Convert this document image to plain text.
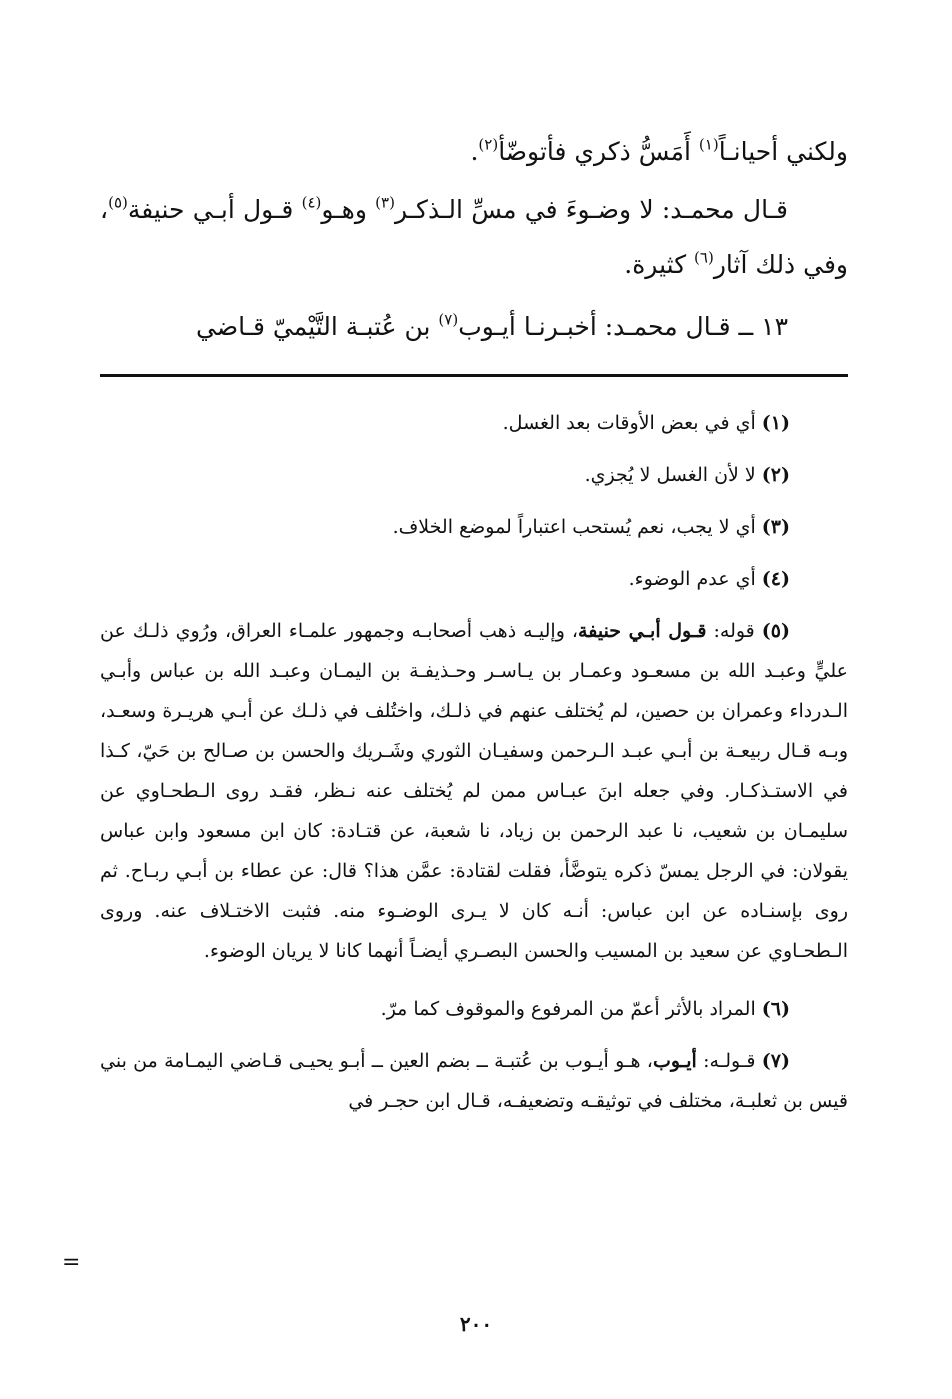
ولكني أحيانـاً$^{(١)}$ أَمَسُّ ذكري فأتوضّأ$^{(٢)}$.

قـال محمـد: لا وضـوءَ في مسِّ الـذكـر$^{(٣)}$ وهـو$^{(٤)}$ قـول أبـي حنيفة$^{(٥)}$، وفي ذلك آثار$^{(٦)}$ كثيرة.

١٣ ــ قـال محمـد: أخبـرنـا أيـوب$^{(٧)}$ بن عُتبـة التَّيْميّ قـاضي

(١) أي في بعض الأوقات بعد الغسل.

(٢) لا لأن الغسل لا يُجزي.

(٣) أي لا يجب، نعم يُستحب اعتباراً لموضع الخلاف.

(٤) أي عدم الوضوء.

(٥) قوله: قـول أبـي حنيفة، وإليـه ذهب أصحابـه وجمهور علمـاء العراق، ورُوي ذلـك عن عليٍّ وعبـد الله بن مسعـود وعمـار بن يـاسـر وحـذيفـة بن اليمـان وعبـد الله بن عباس وأبـي الـدرداء وعمران بن حصين، لم يُختلف عنهم في ذلـك، واختُلف في ذلـك عن أبـي هريـرة وسعـد، وبـه قـال ربيعـة بن أبـي عبـد الـرحمن وسفيـان الثوري وشَـريك والحسن بن صـالح بن حَيّ، كـذا في الاستـذكـار. وفي جعله ابنَ عبـاس ممن لم يُختلف عنه نـظر، فقـد روى الـطحـاوي عن سليمـان بن شعيب، نا عبد الرحمن بن زياد، نا شعبة، عن قتـادة: كان ابن مسعود وابن عباس يقولان: في الرجل يمسّ ذكره يتوضَّأ، فقلت لقتادة: عمَّن هذا؟ قال: عن عطاء بن أبـي ربـاح. ثم روى بإسنـاده عن ابن عباس: أنـه كان لا يـرى الوضـوء منه. فثبت الاختـلاف عنه. وروى الـطحـاوي عن سعيد بن المسيب والحسن البصـري أيضـاً أنهما كانا لا يريان الوضوء.

(٦) المراد بالأثر أعمّ من المرفوع والموقوف كما مرّ.

(٧) قـولـه: أيـوب، هـو أيـوب بن عُتبـة ــ بضم العين ــ أبـو يحيـى قـاضي اليمـامة من بني قيس بن ثعلبـة، مختلف في توثيقـه وتضعيفـه، قـال ابن حجـر في

=
٢٠٠
